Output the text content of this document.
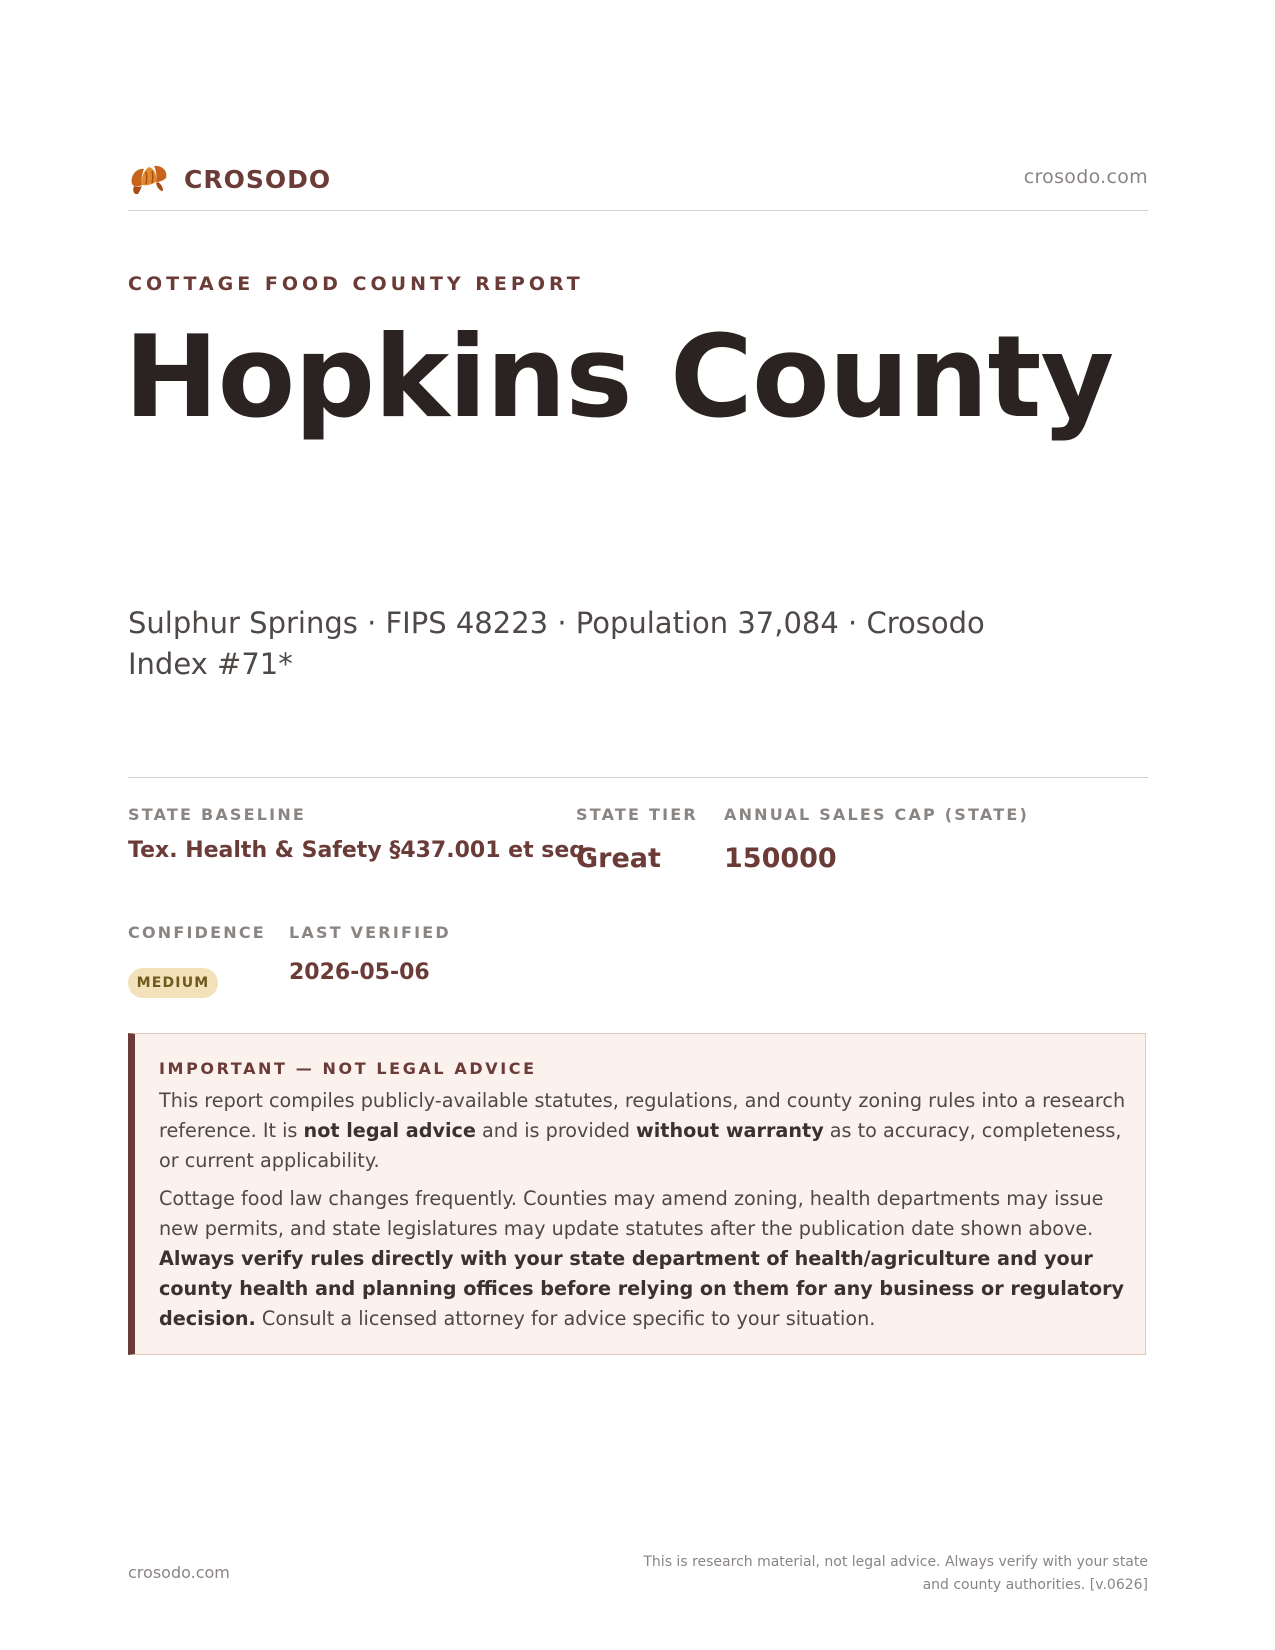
CROSODO	crosodo.com
COTTAGE FOOD COUNTY REPORT
Hopkins County
Sulphur Springs · FIPS 48223 · Population 37,084 · Crosodo Index #71*
STATE BASELINE
Tex. Health & Safety §437.001 et seq.
STATE TIER
Great
ANNUAL SALES CAP (STATE)
150000
CONFIDENCE
MEDIUM
LAST VERIFIED
2026-05-06
IMPORTANT — NOT LEGAL ADVICE

This report compiles publicly-available statutes, regulations, and county zoning rules into a research reference. It is not legal advice and is provided without warranty as to accuracy, completeness, or current applicability.

Cottage food law changes frequently. Counties may amend zoning, health departments may issue new permits, and state legislatures may update statutes after the publication date shown above. Always verify rules directly with your state department of health/agriculture and your county health and planning offices before relying on them for any business or regulatory decision. Consult a licensed attorney for advice specific to your situation.

crosodo.com
This is research material, not legal advice. Always verify with your state
and county authorities. [v.0626]
